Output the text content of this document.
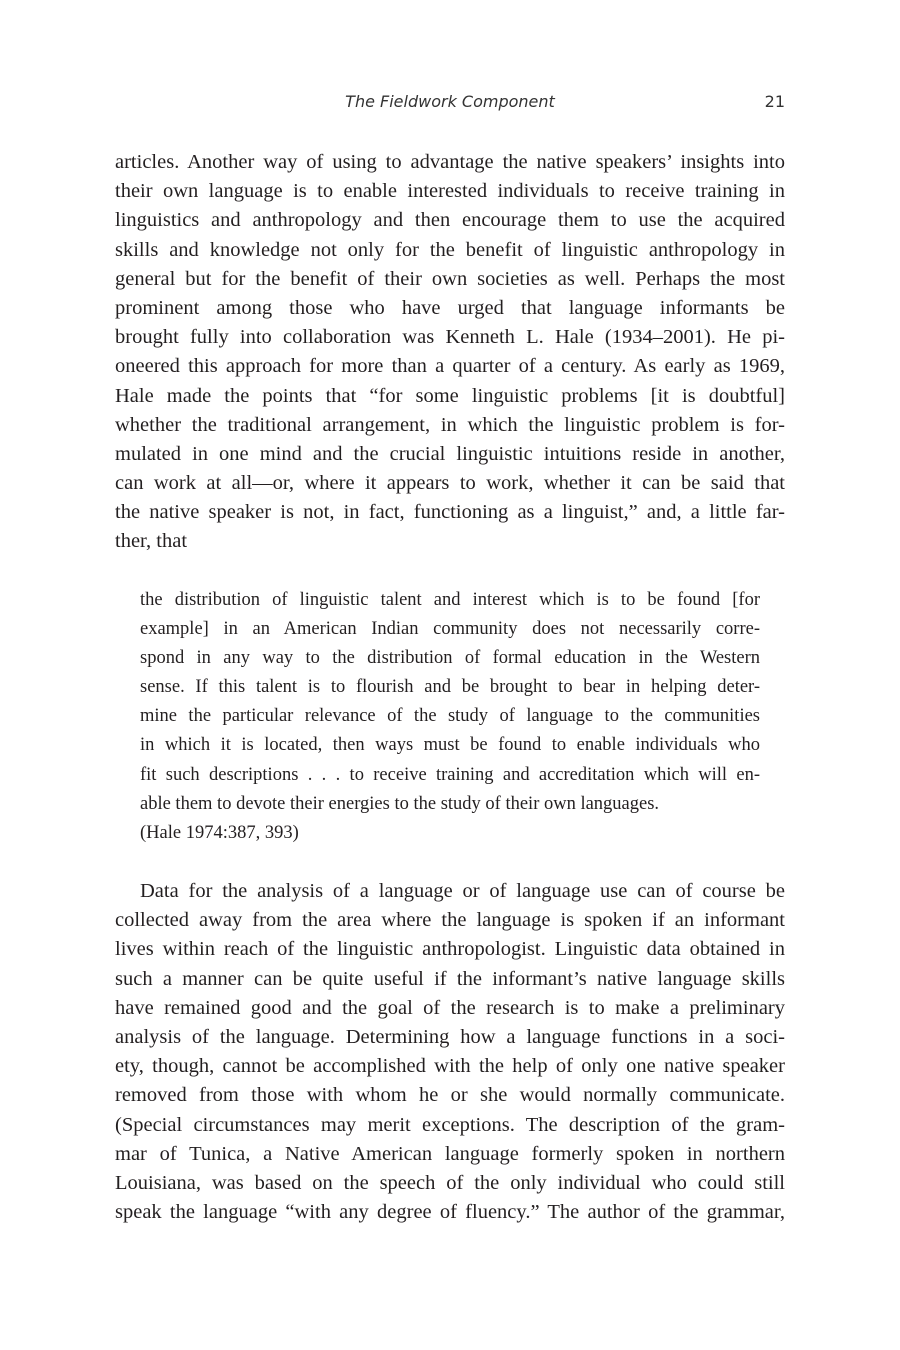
The Fieldwork Component	21
articles. Another way of using to advantage the native speakers’ insights into
their own language is to enable interested individuals to receive training in
linguistics and anthropology and then encourage them to use the acquired
skills and knowledge not only for the benefit of linguistic anthropology in
general but for the benefit of their own societies as well. Perhaps the most
prominent among those who have urged that language informants be
brought fully into collaboration was Kenneth L. Hale (1934–2001). He pi-
oneered this approach for more than a quarter of a century. As early as 1969,
Hale made the points that “for some linguistic problems [it is doubtful]
whether the traditional arrangement, in which the linguistic problem is for-
mulated in one mind and the crucial linguistic intuitions reside in another,
can work at all—or, where it appears to work, whether it can be said that
the native speaker is not, in fact, functioning as a linguist,” and, a little far-
ther, that
the distribution of linguistic talent and interest which is to be found [for
example] in an American Indian community does not necessarily corre-
spond in any way to the distribution of formal education in the Western
sense. If this talent is to flourish and be brought to bear in helping deter-
mine the particular relevance of the study of language to the communities
in which it is located, then ways must be found to enable individuals who
fit such descriptions . . . to receive training and accreditation which will en-
able them to devote their energies to the study of their own languages.
(Hale 1974:387, 393)
Data for the analysis of a language or of language use can of course be
collected away from the area where the language is spoken if an informant
lives within reach of the linguistic anthropologist. Linguistic data obtained in
such a manner can be quite useful if the informant’s native language skills
have remained good and the goal of the research is to make a preliminary
analysis of the language. Determining how a language functions in a soci-
ety, though, cannot be accomplished with the help of only one native speaker
removed from those with whom he or she would normally communicate.
(Special circumstances may merit exceptions. The description of the gram-
mar of Tunica, a Native American language formerly spoken in northern
Louisiana, was based on the speech of the only individual who could still
speak the language “with any degree of fluency.” The author of the grammar,
